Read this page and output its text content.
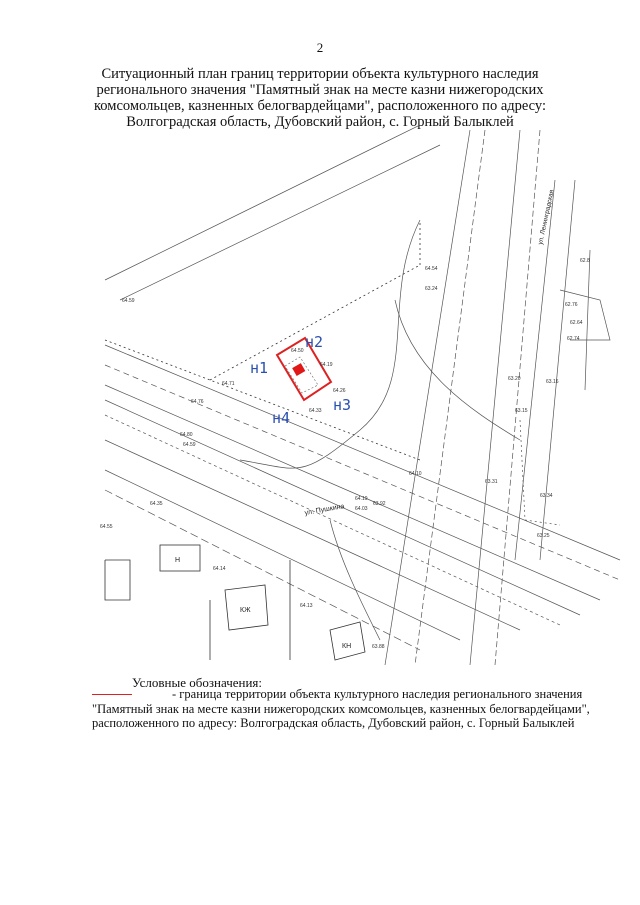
2
Ситуационный план границ территории объекта культурного наследия
регионального значения "Памятный знак на месте казни нижегородских
комсомольцев, казненных белогвардейцами", расположенного по адресу:
Волгоградская область, Дубовский район, с. Горный Балыклей
Н
КЖ
КН
ул. Пушкина
ул. Ленинградская
н1
н2
н3
н4
64.59
64.54
63.24
64.50
64.19
64.26
64.33
64.71
64.76
64.80
64.59
64.35
64.55
64.14
64.13
63.88
64.19
64.03
63.92
64.10
63.20
63.15
63.31
63.34
63.25
62.76
62.64
62.74
63.16
62.8
Условные обозначения:
- граница территории объекта культурного наследия регионального значения
"Памятный знак на месте казни нижегородских комсомольцев, казненных белогвардейцами",
расположенного по адресу: Волгоградская область, Дубовский район, с. Горный Балыклей
